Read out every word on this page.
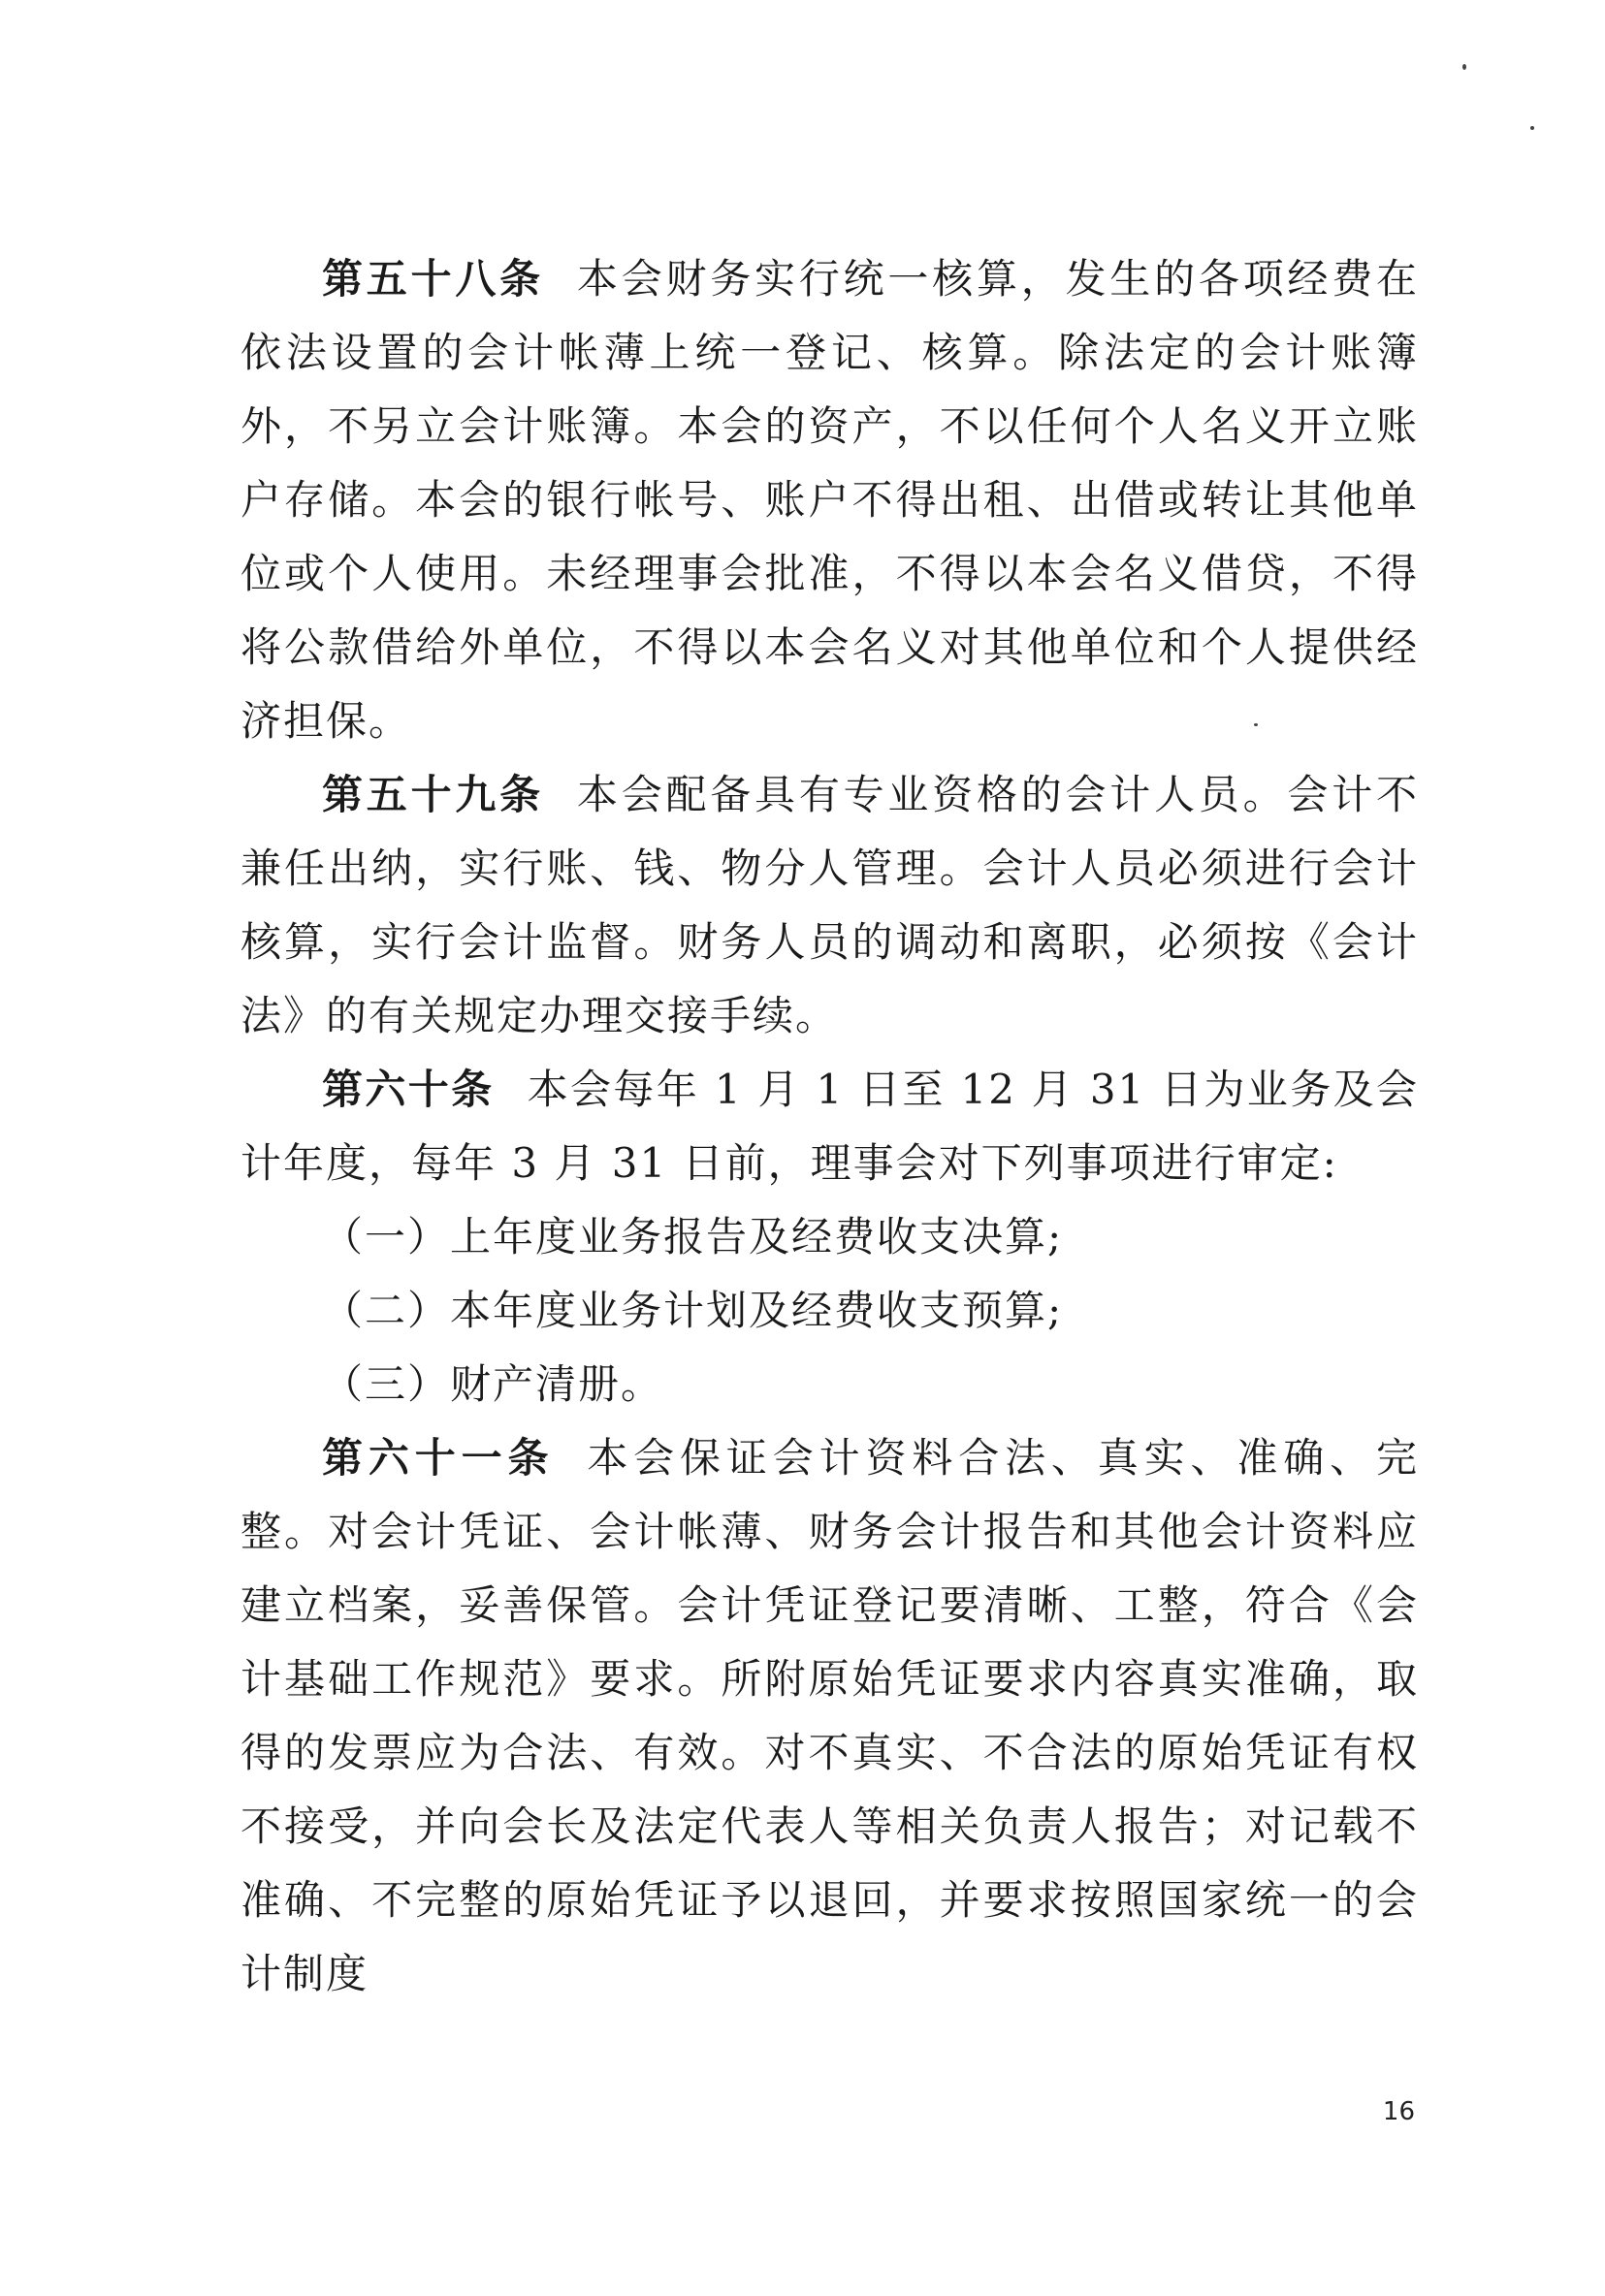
第五十八条 本会财务实行统一核算，发生的各项经费在依法设置的会计帐薄上统一登记、核算。除法定的会计账簿外，不另立会计账簿。本会的资产，不以任何个人名义开立账户存储。本会的银行帐号、账户不得出租、出借或转让其他单位或个人使用。未经理事会批准，不得以本会名义借贷，不得将公款借给外单位，不得以本会名义对其他单位和个人提供经济担保。

第五十九条 本会配备具有专业资格的会计人员。会计不兼任出纳，实行账、钱、物分人管理。会计人员必须进行会计核算，实行会计监督。财务人员的调动和离职，必须按《会计法》的有关规定办理交接手续。

第六十条 本会每年 1 月 1 日至 12 月 31 日为业务及会计年度，每年 3 月 31 日前，理事会对下列事项进行审定:

（一）上年度业务报告及经费收支决算;

（二）本年度业务计划及经费收支预算;

（三）财产清册。

第六十一条 本会保证会计资料合法、真实、准确、完整。对会计凭证、会计帐薄、财务会计报告和其他会计资料应建立档案，妥善保管。会计凭证登记要清晰、工整，符合《会计基础工作规范》要求。所附原始凭证要求内容真实准确，取得的发票应为合法、有效。对不真实、不合法的原始凭证有权不接受，并向会长及法定代表人等相关负责人报告；对记载不准确、不完整的原始凭证予以退回，并要求按照国家统一的会计制度

16
